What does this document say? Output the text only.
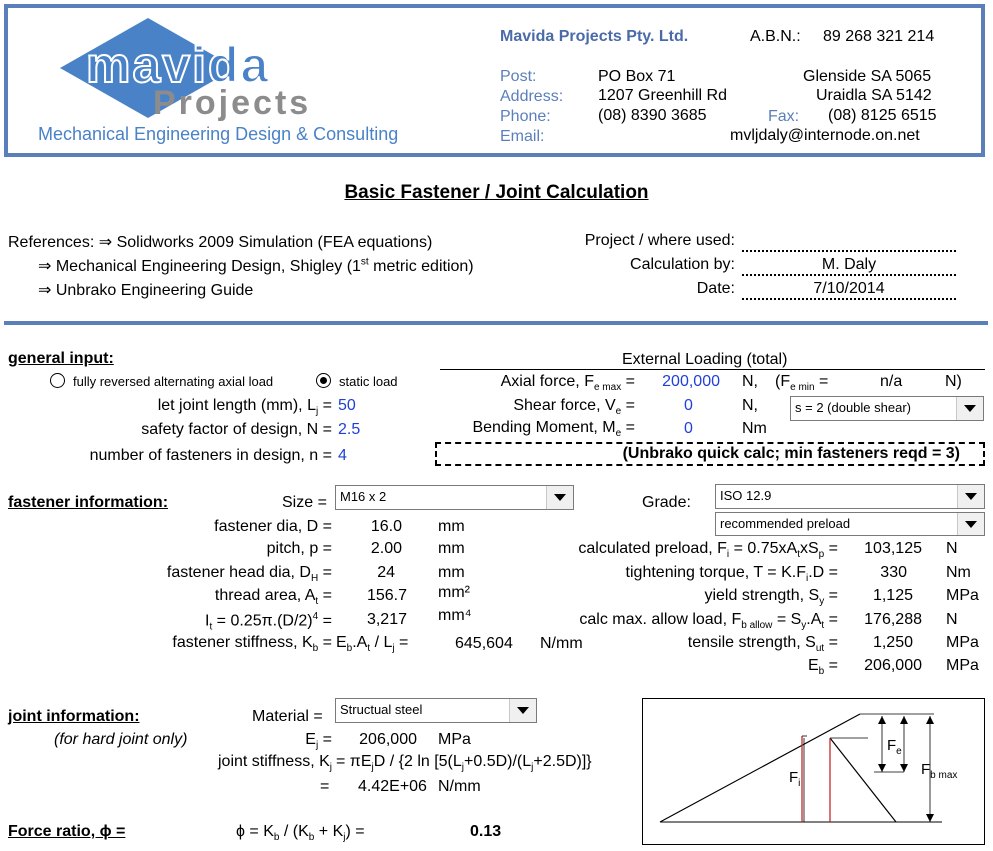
mavida
Projects
Mechanical Engineering Design & Consulting
Mavida Projects Pty. Ltd.	A.B.N.: 89 268 321 214
Post:	PO Box 71	Glenside SA 5065
Address: 1207 Greenhill Rd	Uraidla SA 5142
Phone:	(08) 8390 3685	Fax: (08) 8125 6515
Email:	mvljdaly@internode.on.net
Basic Fastener / Joint Calculation
References: ⇒ Solidworks 2009 Simulation (FEA equations)
⇒ Mechanical Engineering Design, Shigley (1st metric edition)
⇒ Unbrako Engineering Guide
Project / where used:
Calculation by:	M. Daly
Date:	7/10/2014
general input:
fully reversed alternating axial load	static load
let joint length (mm), $L_j = 50$
safety factor of design, N = 2.5
number of fasteners in design, n = 4
External Loading (total)
Axial force, $F_{e max}$ =	200,000 N, ($F_{e min}$ =	n/a	N)
Shear force, $V_e$ =	0	N,	s = 2 (double shear)
Bending Moment, $M_e$ =	0	Nm
(Unbrako quick calc; min fasteners reqd = 3)
fastener information:	Size =	M16 x 2	Grade:	ISO 12.9
recommended preload
fastener dia, D =	16.0 mm
pitch, p =	2.00 mm
fastener head dia, $D_H$ =	24	mm
thread area, $A_t$ =	156.7 mm²
$I_t = 0.25\pi.(D/2)^4$ =	3,217 mm⁴
fastener stiffness, $K_b = E_b.A_t / L_j$ =	645,604 N/mm
calculated preload, $F_i = 0.75xA_txS_p$ =	103,125 N
tightening torque, $T = K.F_i.D$ =	330 Nm
yield strength, $S_y$ =	1,125 MPa
calc max. allow load, $F_{b allow} = S_y.A_t$ =	176,288 N
tensile strength, $S_{ut}$ =	1,250 MPa
$E_b$ =	206,000 MPa
joint information:
(for hard joint only)
Material =	Structual steel
$E_j$ =	206,000 MPa
joint stiffness, $K_j = \pi E_jD / \{2$ $\ln [5(L_j+0.5D)/(L_j+2.5D)]$}
= 4.42E+06 N/mm
Force ratio, ϕ =	$\phi = K_b / (K_b + K_j)$ =	0.13
$F_i$
$F_e$
$F_{b max}$
